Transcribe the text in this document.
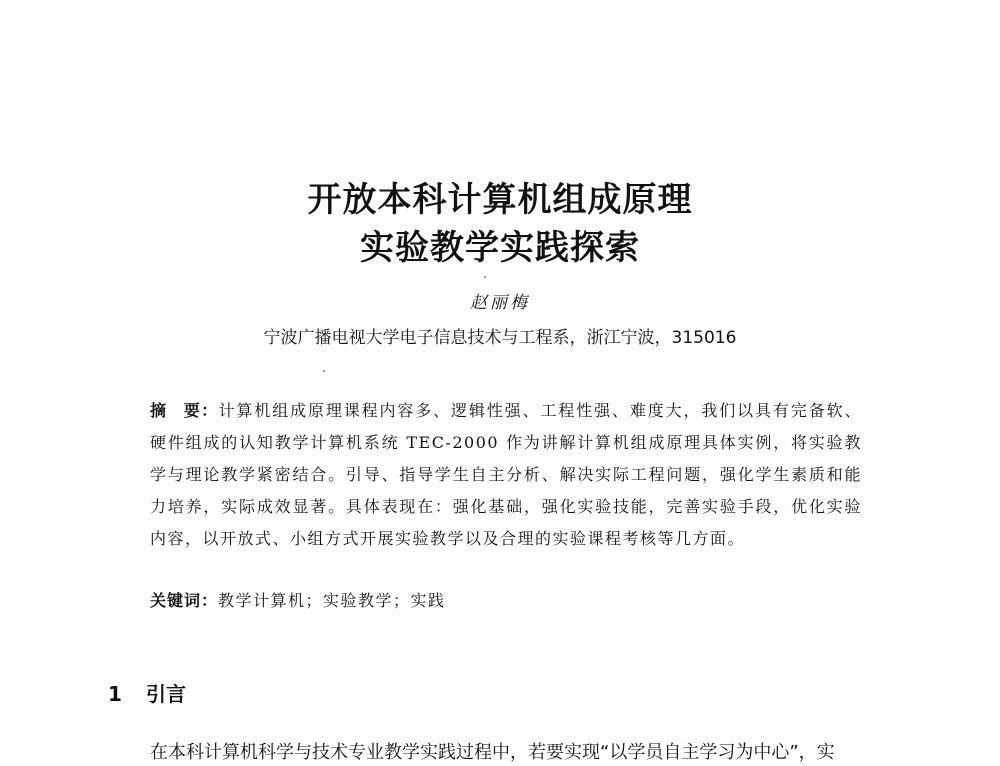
开放本科计算机组成原理
实验教学实践探索
赵丽梅
宁波广播电视大学电子信息技术与工程系，浙江宁波，315016
摘 要：计算机组成原理课程内容多、逻辑性强、工程性强、难度大，我们以具有完备软、硬件组成的认知教学计算机系统 TEC-2000 作为讲解计算机组成原理具体实例，将实验教学与理论教学紧密结合。引导、指导学生自主分析、解决实际工程问题，强化学生素质和能力培养，实际成效显著。具体表现在：强化基础，强化实验技能，完善实验手段，优化实验内容，以开放式、小组方式开展实验教学以及合理的实验课程考核等几方面。
关键词：教学计算机；实验教学；实践
1 引言
在本科计算机科学与技术专业教学实践过程中，若要实现“以学员自主学习为中心”，实
